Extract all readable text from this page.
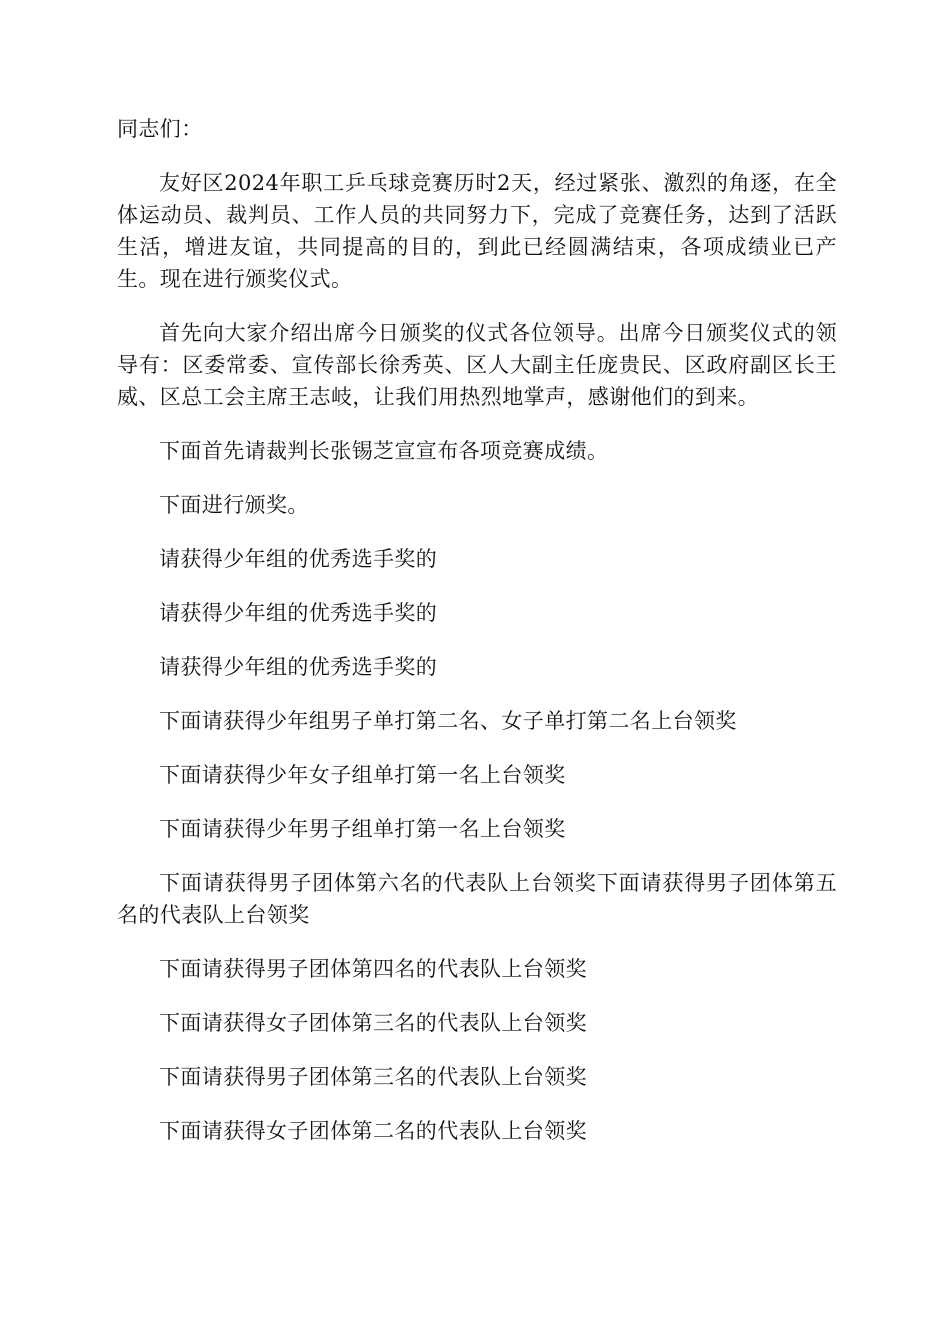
同志们：

友好区2024年职工乒乓球竞赛历时2天，经过紧张、激烈的角逐，在全体运动员、裁判员、工作人员的共同努力下，完成了竞赛任务，达到了活跃生活，增进友谊，共同提高的目的，到此已经圆满结束，各项成绩业已产生。现在进行颁奖仪式。

首先向大家介绍出席今日颁奖的仪式各位领导。出席今日颁奖仪式的领导有：区委常委、宣传部长徐秀英、区人大副主任庞贵民、区政府副区长王威、区总工会主席王志岐，让我们用热烈地掌声，感谢他们的到来。

下面首先请裁判长张锡芝宣宣布各项竞赛成绩。

下面进行颁奖。

请获得少年组的优秀选手奖的

请获得少年组的优秀选手奖的

请获得少年组的优秀选手奖的

下面请获得少年组男子单打第二名、女子单打第二名上台领奖

下面请获得少年女子组单打第一名上台领奖

下面请获得少年男子组单打第一名上台领奖

下面请获得男子团体第六名的代表队上台领奖下面请获得男子团体第五名的代表队上台领奖

下面请获得男子团体第四名的代表队上台领奖

下面请获得女子团体第三名的代表队上台领奖

下面请获得男子团体第三名的代表队上台领奖

下面请获得女子团体第二名的代表队上台领奖
